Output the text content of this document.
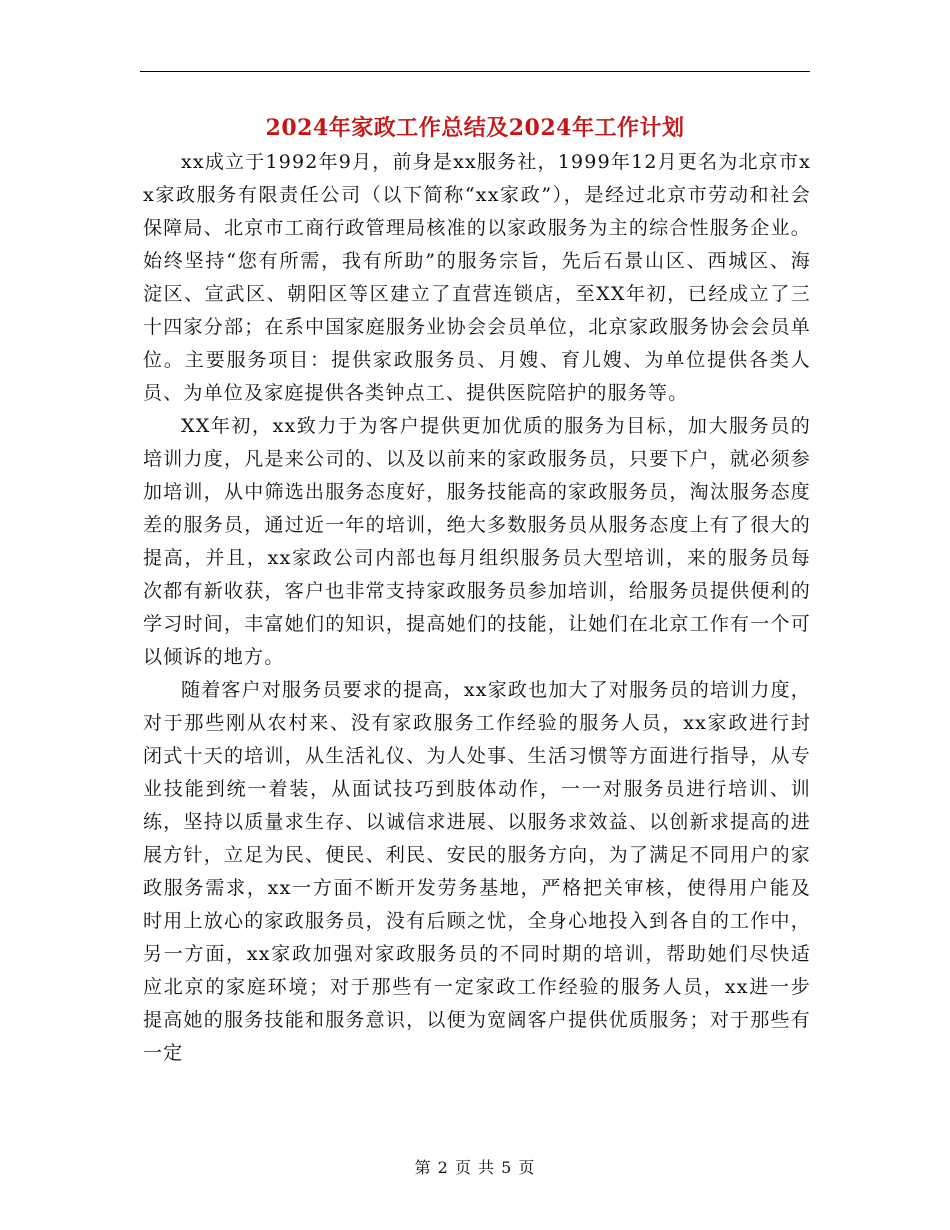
2024年家政工作总结及2024年工作计划

xx成立于1992年9月，前身是xx服务社，1999年12月更名为北京市xx家政服务有限责任公司（以下简称“xx家政”），是经过北京市劳动和社会保障局、北京市工商行政管理局核准的以家政服务为主的综合性服务企业。始终坚持“您有所需，我有所助”的服务宗旨，先后石景山区、西城区、海淀区、宣武区、朝阳区等区建立了直营连锁店，至XX年初，已经成立了三十四家分部；在系中国家庭服务业协会会员单位，北京家政服务协会会员单位。主要服务项目：提供家政服务员、月嫂、育儿嫂、为单位提供各类人员、为单位及家庭提供各类钟点工、提供医院陪护的服务等。

XX年初，xx致力于为客户提供更加优质的服务为目标，加大服务员的培训力度，凡是来公司的、以及以前来的家政服务员，只要下户，就必须参加培训，从中筛选出服务态度好，服务技能高的家政服务员，淘汰服务态度差的服务员，通过近一年的培训，绝大多数服务员从服务态度上有了很大的提高，并且，xx家政公司内部也每月组织服务员大型培训，来的服务员每次都有新收获，客户也非常支持家政服务员参加培训，给服务员提供便利的学习时间，丰富她们的知识，提高她们的技能，让她们在北京工作有一个可以倾诉的地方。

随着客户对服务员要求的提高，xx家政也加大了对服务员的培训力度，对于那些刚从农村来、没有家政服务工作经验的服务人员，xx家政进行封闭式十天的培训，从生活礼仪、为人处事、生活习惯等方面进行指导，从专业技能到统一着装，从面试技巧到肢体动作，一一对服务员进行培训、训练，坚持以质量求生存、以诚信求进展、以服务求效益、以创新求提高的进展方针，立足为民、便民、利民、安民的服务方向，为了满足不同用户的家政服务需求，xx一方面不断开发劳务基地，严格把关审核，使得用户能及时用上放心的家政服务员，没有后顾之忧，全身心地投入到各自的工作中，另一方面，xx家政加强对家政服务员的不同时期的培训，帮助她们尽快适应北京的家庭环境；对于那些有一定家政工作经验的服务人员，xx进一步提高她的服务技能和服务意识，以便为宽阔客户提供优质服务；对于那些有一定

第 2 页 共 5 页
